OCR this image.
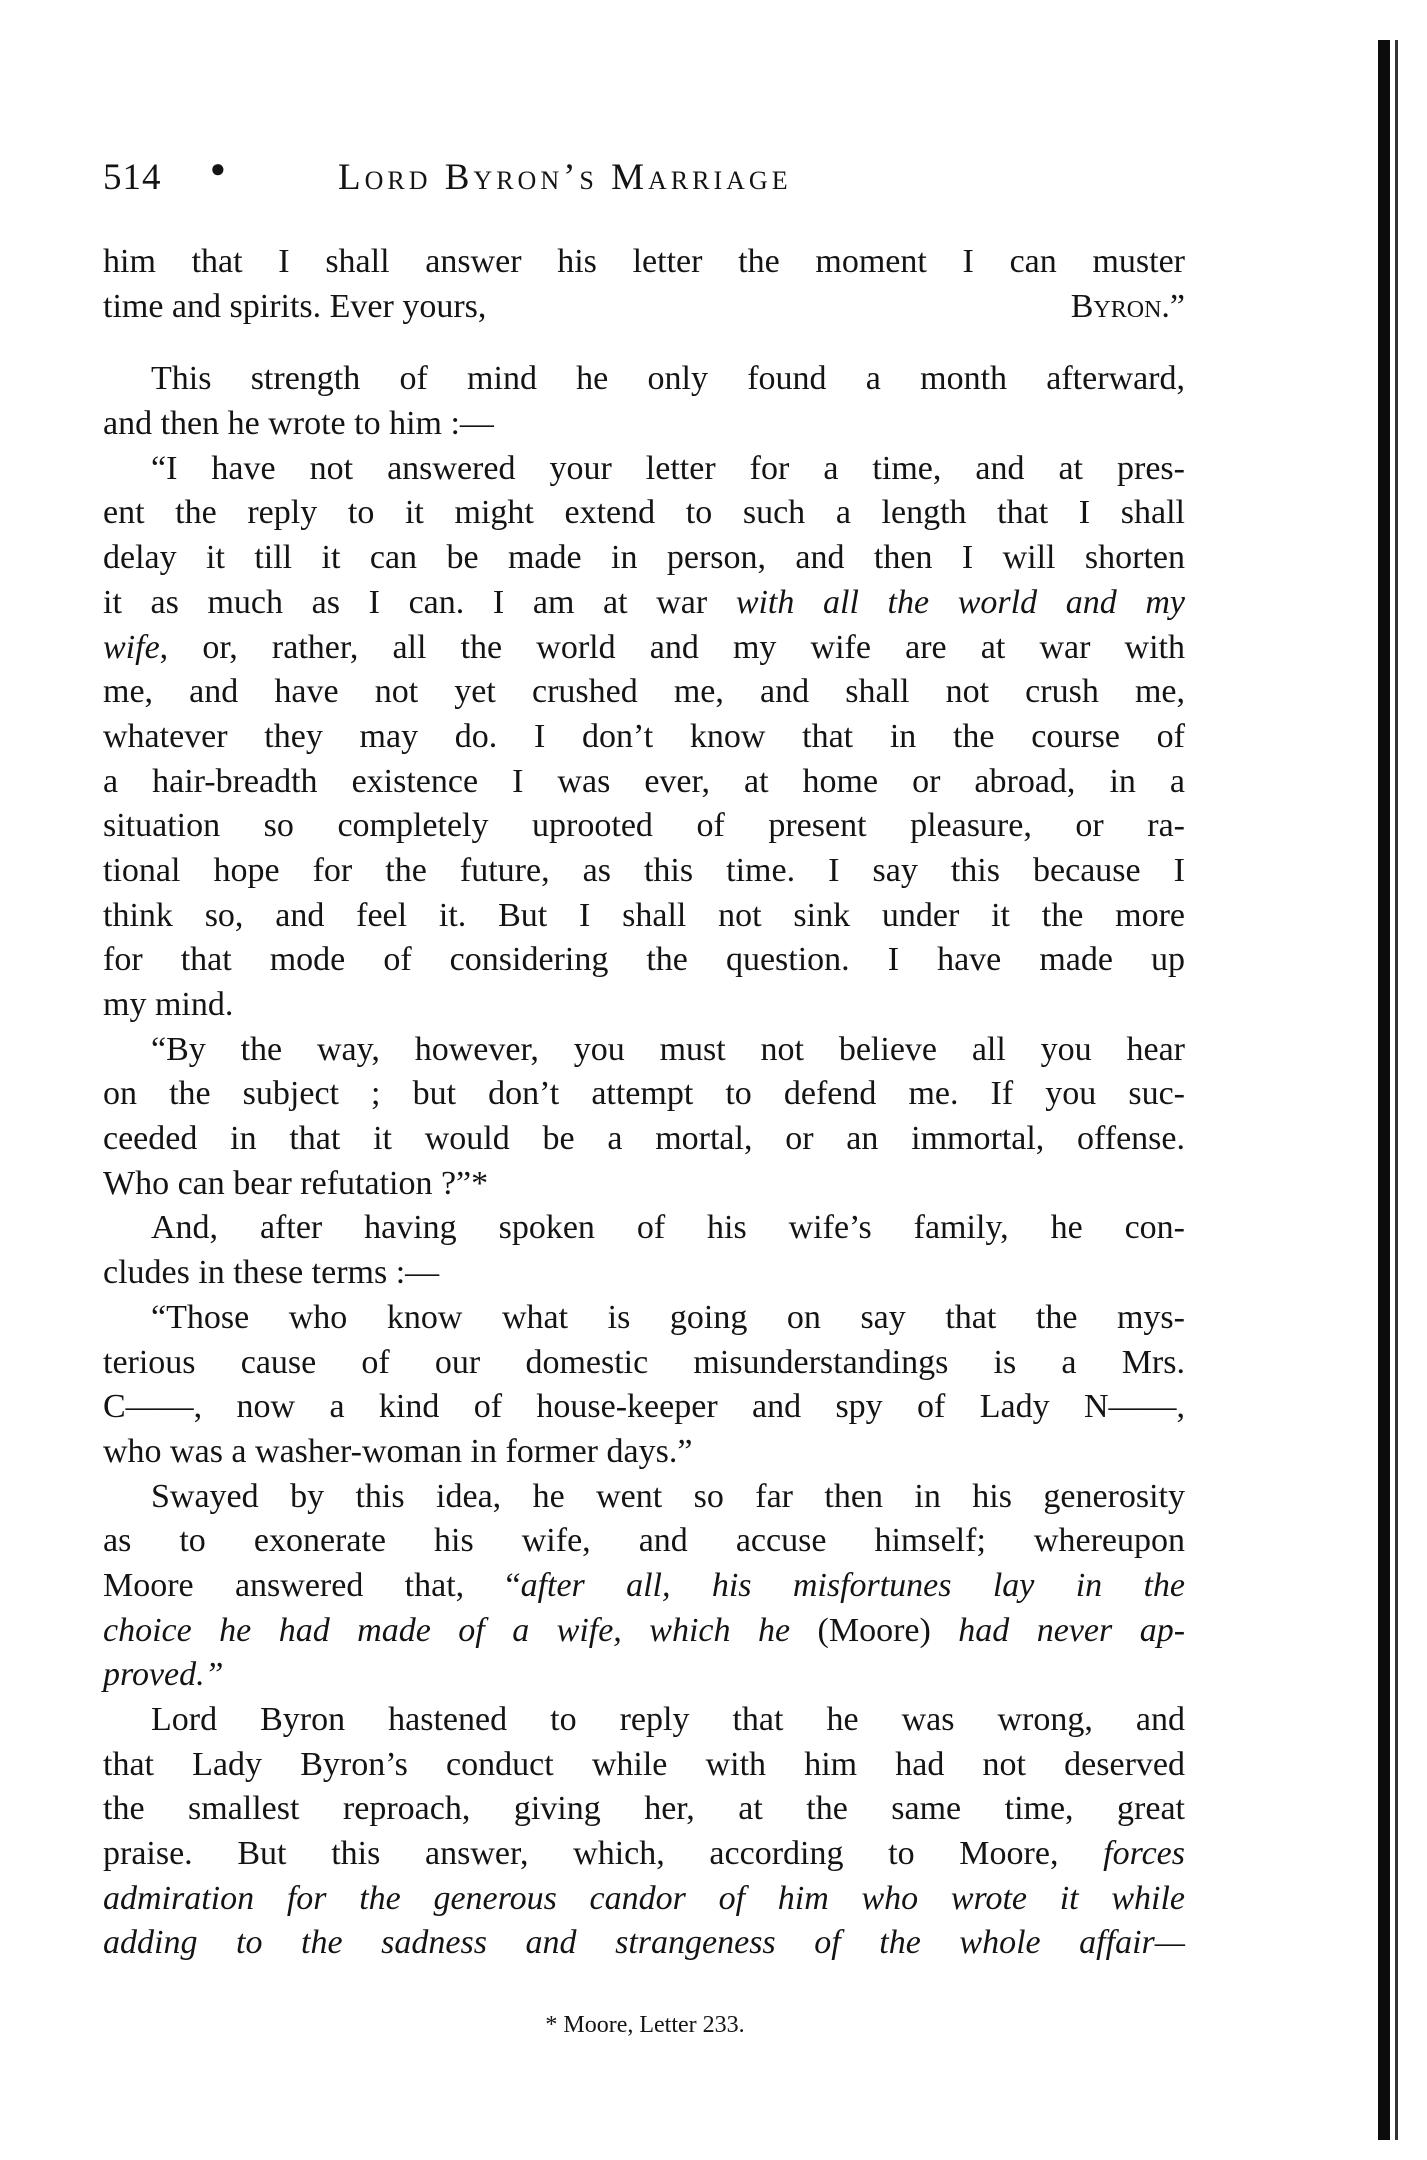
514 ●	Lord Byron’s Marriage
him that I shall answer his letter the moment I can muster
time and spirits. Ever yours,	Byron.”
This strength of mind he only found a month afterward,
and then he wrote to him :—
“I have not answered your letter for a time, and at pres-
ent the reply to it might extend to such a length that I shall
delay it till it can be made in person, and then I will shorten
it as much as I can. I am at war with all the world and my
wife, or, rather, all the world and my wife are at war with
me, and have not yet crushed me, and shall not crush me,
whatever they may do. I don’t know that in the course of
a hair-breadth existence I was ever, at home or abroad, in a
situation so completely uprooted of present pleasure, or ra-
tional hope for the future, as this time. I say this because I
think so, and feel it. But I shall not sink under it the more
for that mode of considering the question. I have made up
my mind.
“By the way, however, you must not believe all you hear
on the subject ; but don’t attempt to defend me. If you suc-
ceeded in that it would be a mortal, or an immortal, offense.
Who can bear refutation ?”*
And, after having spoken of his wife’s family, he con-
cludes in these terms :—
“Those who know what is going on say that the mys-
terious cause of our domestic misunderstandings is a Mrs.
C——, now a kind of house-keeper and spy of Lady N——,
who was a washer-woman in former days.”
Swayed by this idea, he went so far then in his generosity
as to exonerate his wife, and accuse himself; whereupon
Moore answered that, “after all, his misfortunes lay in the
choice he had made of a wife, which he (Moore) had never ap-
proved.”
Lord Byron hastened to reply that he was wrong, and
that Lady Byron’s conduct while with him had not deserved
the smallest reproach, giving her, at the same time, great
praise. But this answer, which, according to Moore, forces
admiration for the generous candor of him who wrote it while
adding to the sadness and strangeness of the whole affair—
* Moore, Letter 233.
